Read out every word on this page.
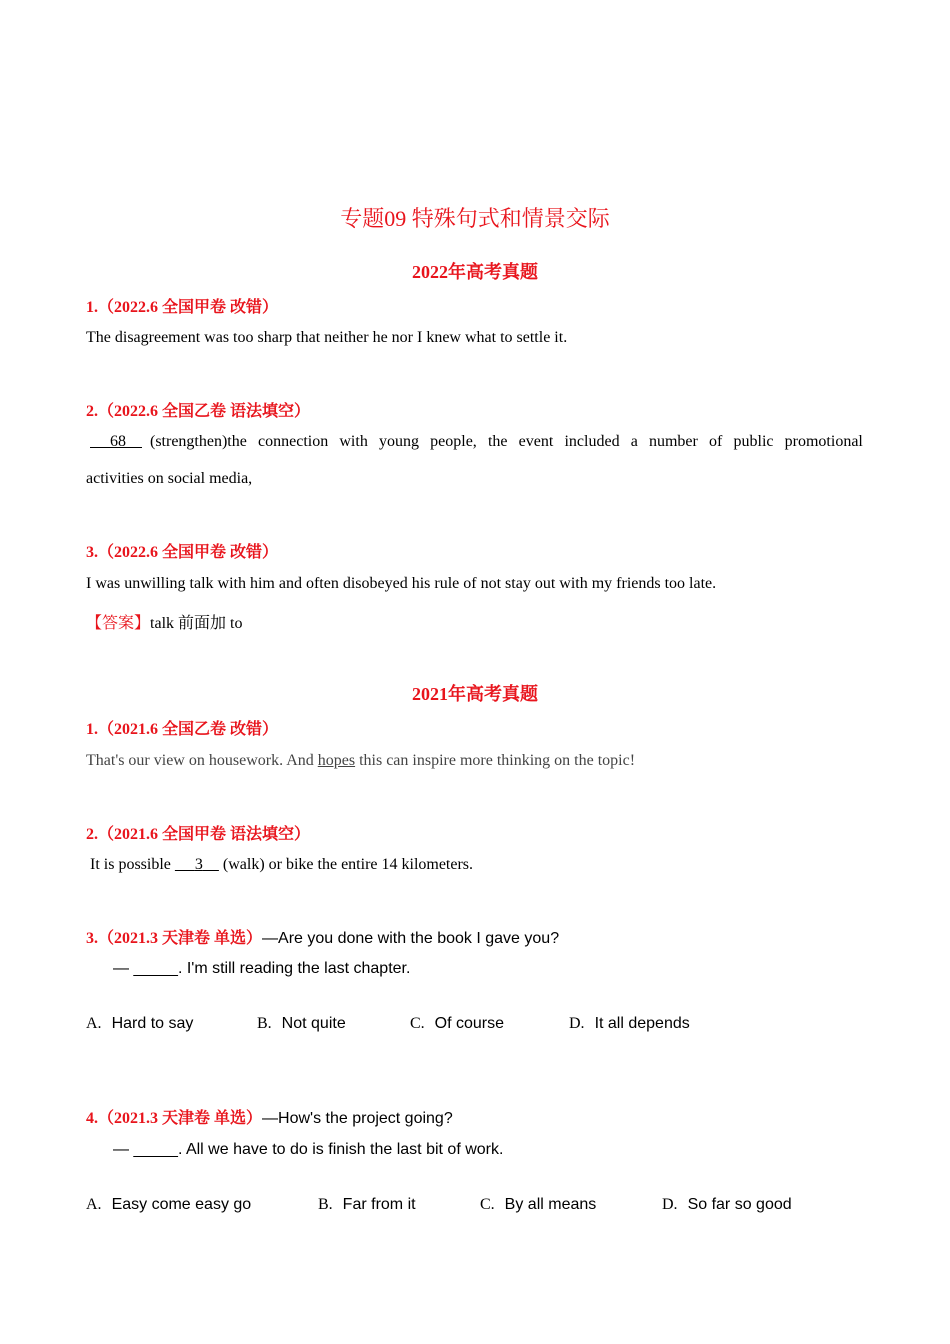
专题09 特殊句式和情景交际
2022年高考真题
1.（2022.6 全国甲卷 改错）
The disagreement was too sharp that neither he nor I knew what to settle it.
2.（2022.6 全国乙卷 语法填空）
68	(strengthen)the connection with young people, the event included a number of public promotional
activities on social media,
3.（2022.6 全国甲卷 改错）
I was unwilling talk with him and often disobeyed his rule of not stay out with my friends too late.
【答案】talk 前面加 to
2021年高考真题
1.（2021.6 全国乙卷 改错）
That's our view on housework. And hopes this can inspire more thinking on the topic!
2.（2021.6 全国甲卷 语法填空）
It is possible      3     (walk) or bike the entire 14 kilometers.
3.（2021.3 天津卷 单选）—Are you done with the book I gave you?
— _____. I'm still reading the last chapter.
A. Hard to say	B. Not quite	C. Of course	D. It all depends
4.（2021.3 天津卷 单选）—How's the project going?
— _____. All we have to do is finish the last bit of work.
A. Easy come easy go	B. Far from it	C. By all means	D. So far so good
